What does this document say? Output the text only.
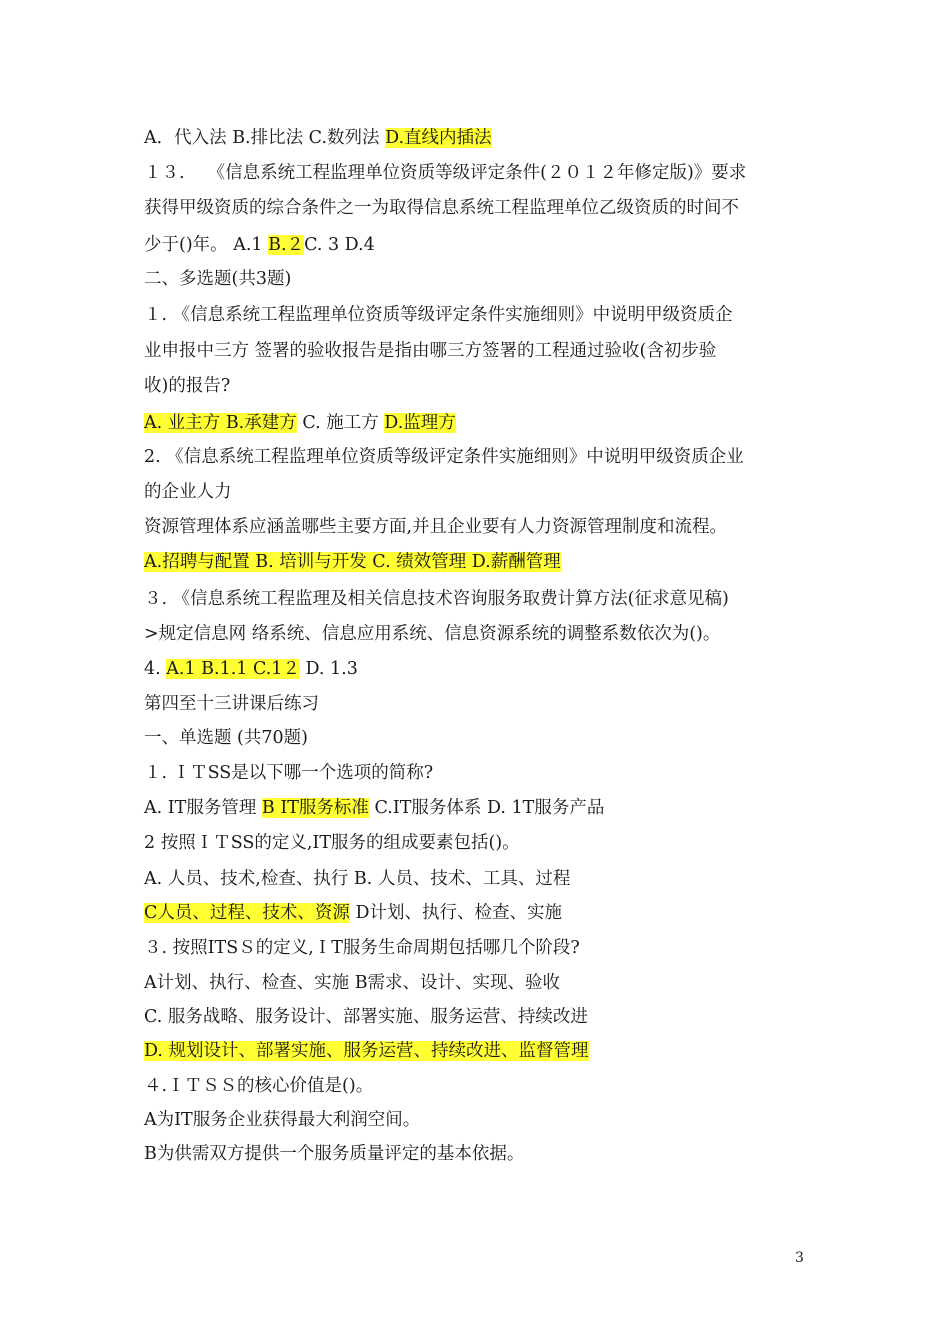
A．代入法 B.排比法 C.数列法 D.直线内插法
１３.　 《信息系统工程监理单位资质等级评定条件(２０１２年修定版)》要求
获得甲级资质的综合条件之一为取得信息系统工程监理单位乙级资质的时间不
少于()年。 A.1 B.２C. 3 D.4
二、多选题(共3题)
１. 《信息系统工程监理单位资质等级评定条件实施细则》中说明甲级资质企
业申报中三方 签署的验收报告是指由哪三方签署的工程通过验收(含初步验
收)的报告?
A. 业主方 B.承建方 C. 施工方 D.监理方
2. 《信息系统工程监理单位资质等级评定条件实施细则》中说明甲级资质企业
的企业人力
资源管理体系应涵盖哪些主要方面,并且企业要有人力资源管理制度和流程。
A.招聘与配置 B. 培训与开发 C. 绩效管理 D.薪酬管理
３. 《信息系统工程监理及相关信息技术咨询服务取费计算方法(征求意见稿)
>规定信息网 络系统、信息应用系统、信息资源系统的调整系数依次为()。
4. A.1 B.1.1 C.1２ D. 1.3
第四至十三讲课后练习
一、单选题 (共70题)
１. ＩＴSS是以下哪一个选项的简称?
A. IT服务管理 B IT服务标准 C.IT服务体系 D. 1T服务产品
2 按照ＩＴSS的定义,IT服务的组成要素包括()。
A. 人员、技术,检查、执行 B. 人员、技术、工具、过程
C人员、过程、技术、资源 D计划、执行、检查、实施
３. 按照ITSＳ的定义,ＩT服务生命周期包括哪几个阶段?
A计划、执行、检查、实施 B需求、设计、实现、验收
C. 服务战略、服务设计、部署实施、服务运营、持续改进
D. 规划设计、部署实施、服务运营、持续改进、监督管理
４.ＩＴＳＳ的核心价值是()。
A为IT服务企业获得最大利润空间。
B为供需双方提供一个服务质量评定的基本依据。
3
